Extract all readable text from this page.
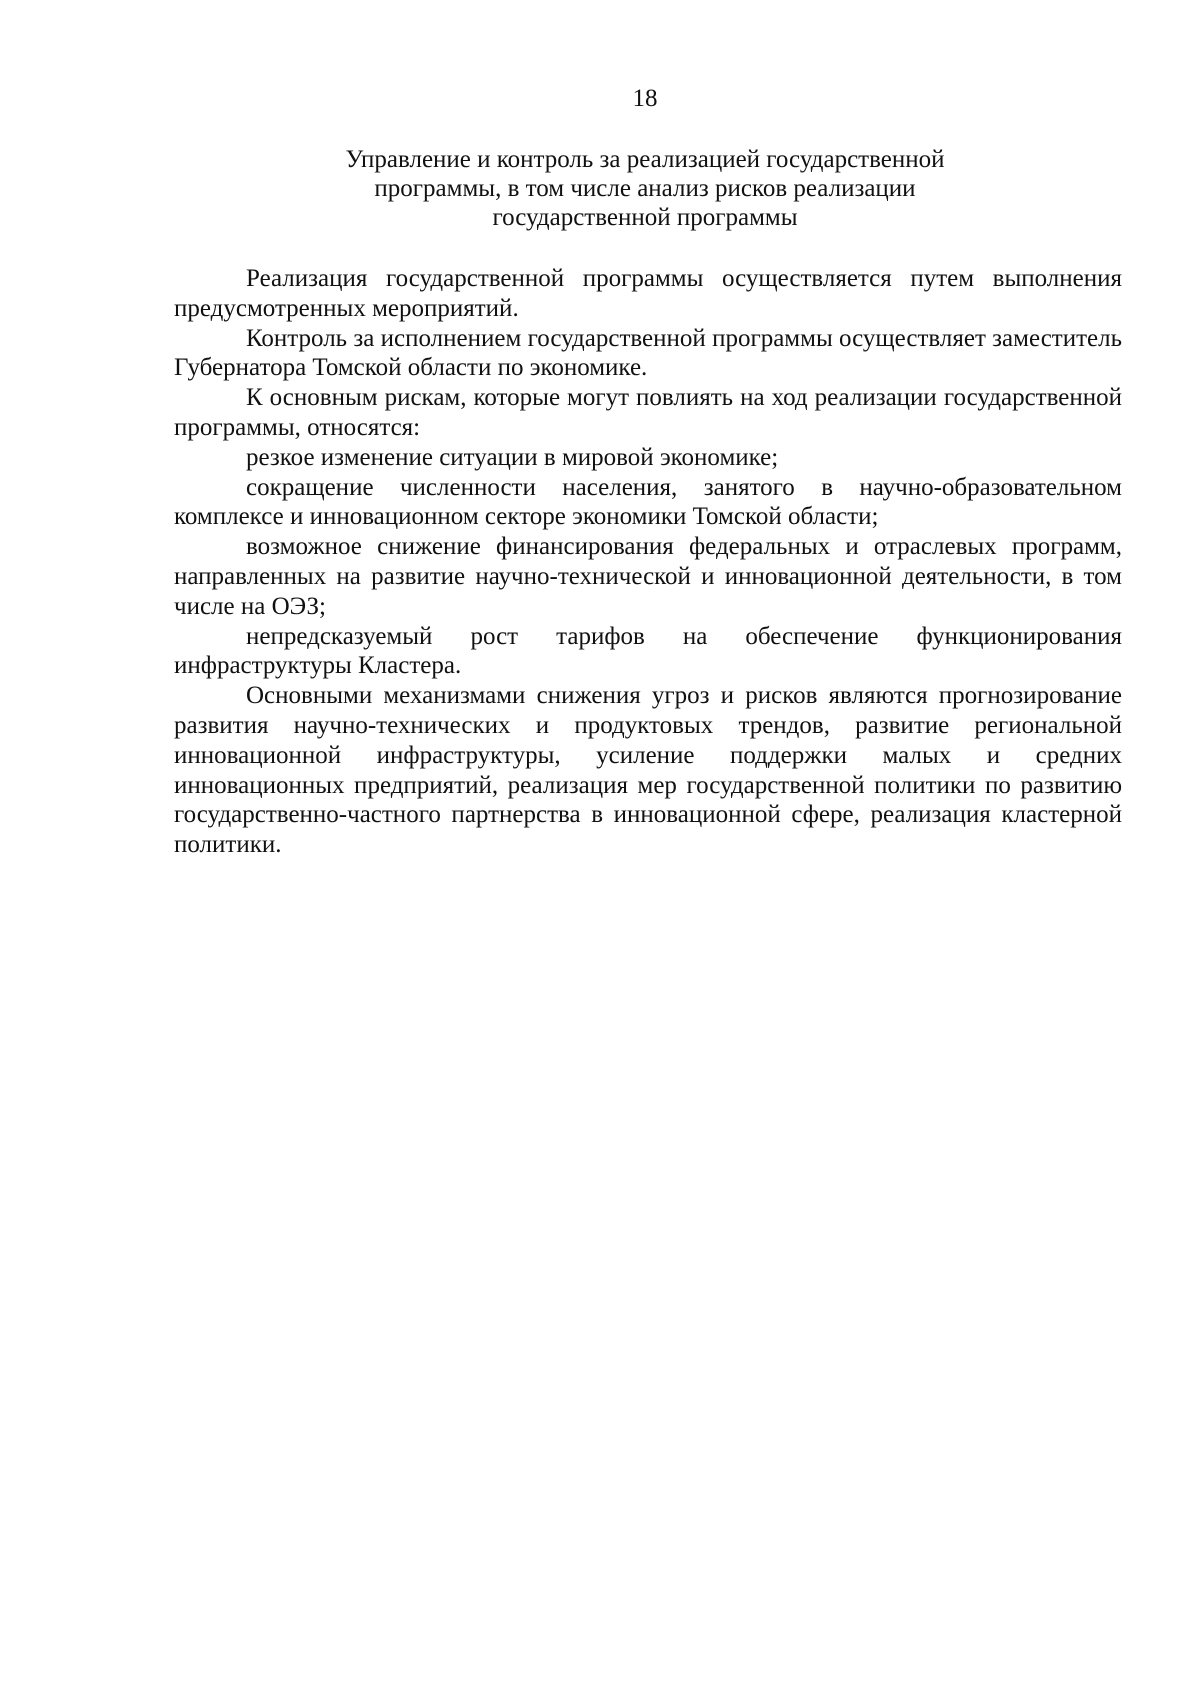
18
Управление и контроль за реализацией государственной
программы, в том числе анализ рисков реализации
государственной программы

Реализация государственной программы осуществляется путем выполнения предусмотренных мероприятий.

Контроль за исполнением государственной программы осуществляет заместитель Губернатора Томской области по экономике.

К основным рискам, которые могут повлиять на ход реализации государственной программы, относятся:

резкое изменение ситуации в мировой экономике;

сокращение численности населения, занятого в научно-образовательном комплексе и инновационном секторе экономики Томской области;

возможное снижение финансирования федеральных и отраслевых программ, направленных на развитие научно-технической и инновационной деятельности, в том числе на ОЭЗ;

непредсказуемый рост тарифов на обеспечение функционирования инфраструктуры Кластера.

Основными механизмами снижения угроз и рисков являются прогнозирование развития научно-технических и продуктовых трендов, развитие региональной инновационной инфраструктуры, усиление поддержки малых и средних инновационных предприятий, реализация мер государственной политики по развитию государственно-частного партнерства в инновационной сфере, реализация кластерной политики.
